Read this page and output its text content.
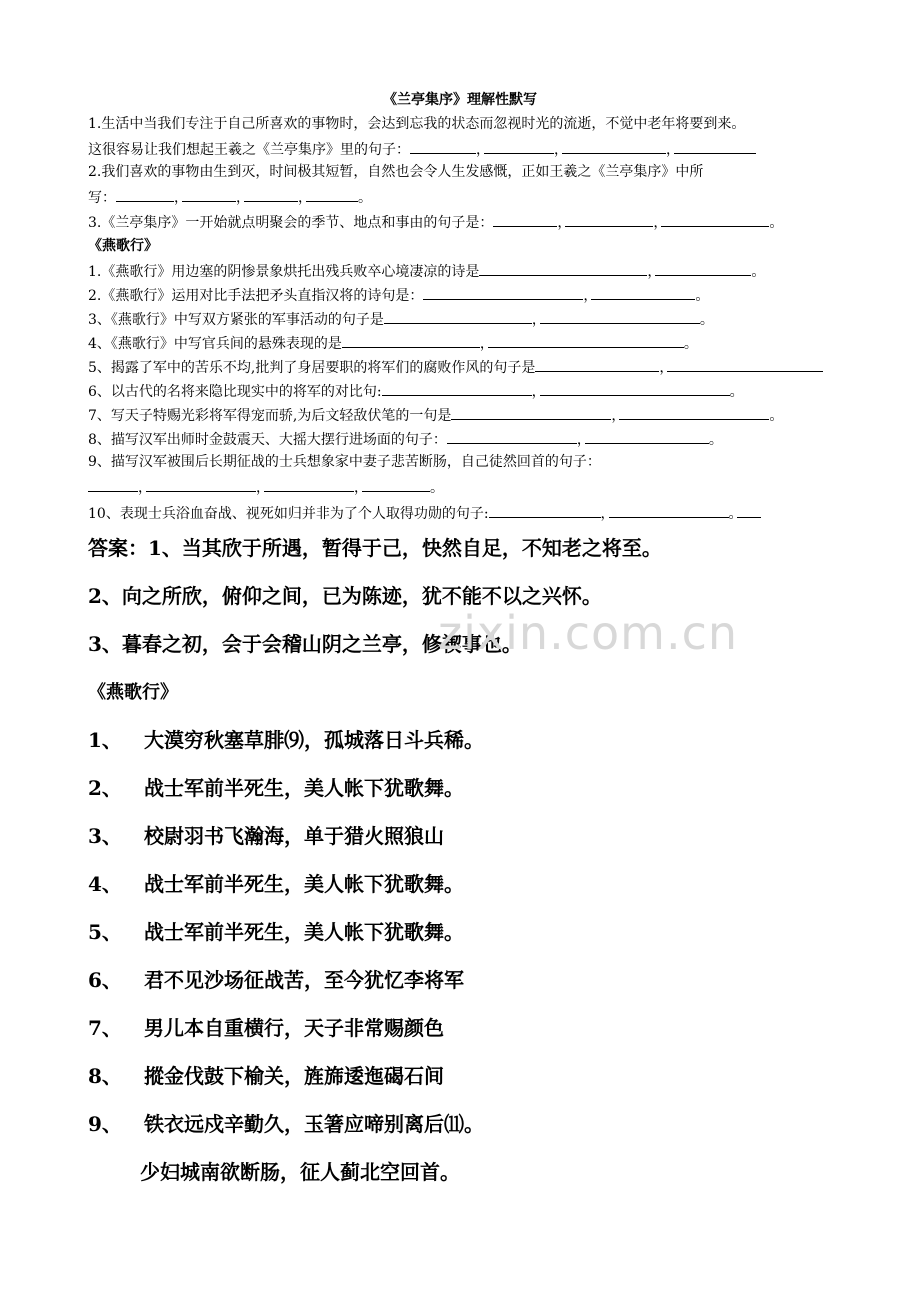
《兰亭集序》理解性默写
1.生活中当我们专注于自己所喜欢的事物时，会达到忘我的状态而忽视时光的流逝，不觉中老年将要到来。
这很容易让我们想起王羲之《兰亭集序》里的句子：	，	，	，
2.我们喜欢的事物由生到灭，时间极其短暂，自然也会令人生发感慨，正如王羲之《兰亭集序》中所
写：	，	，	，	。
3.《兰亭集序》一开始就点明聚会的季节、地点和事由的句子是：	，	，	。
《燕歌行》
1.《燕歌行》用边塞的阴惨景象烘托出残兵败卒心境凄凉的诗是	，	。
2.《燕歌行》运用对比手法把矛头直指汉将的诗句是：	，	。
3、《燕歌行》中写双方紧张的军事活动的句子是	，	。
4、《燕歌行》中写官兵间的悬殊表现的是	，	。
5、揭露了军中的苦乐不均,批判了身居要职的将军们的腐败作风的句子是	，
6、以古代的名将来隐比现实中的将军的对比句:	，	。
7、写天子特赐光彩将军得宠而骄,为后文轻敌伏笔的一句是	，	。
8、描写汉军出师时金鼓震天、大摇大摆行进场面的句子：	，	。
9、描写汉军被围后长期征战的士兵想象家中妻子悲苦断肠，自己徒然回首的句子：
，	，	，	。
10、表现士兵浴血奋战、视死如归并非为了个人取得功勋的句子:	，	。
答案：1、当其欣于所遇，暂得于己，快然自足，不知老之将至。
2、向之所欣，俯仰之间，已为陈迹，犹不能不以之兴怀。
3、暮春之初，会于会稽山阴之兰亭，修褉事也。
《燕歌行》
1、 大漠穷秋塞草腓⑼，孤城落日斗兵稀。
2、 战士军前半死生，美人帐下犹歌舞。
3、 校尉羽书飞瀚海，单于猎火照狼山
4、 战士军前半死生，美人帐下犹歌舞。
5、 战士军前半死生，美人帐下犹歌舞。
6、 君不见沙场征战苦，至今犹忆李将军
7、 男儿本自重横行，天子非常赐颜色
8、 摐金伐鼓下榆关，旌旆逶迤碣石间
9、 铁衣远戍辛勤久，玉箸应啼别离后⑾。
少妇城南欲断肠，征人蓟北空回首。
zixin.com.cn
